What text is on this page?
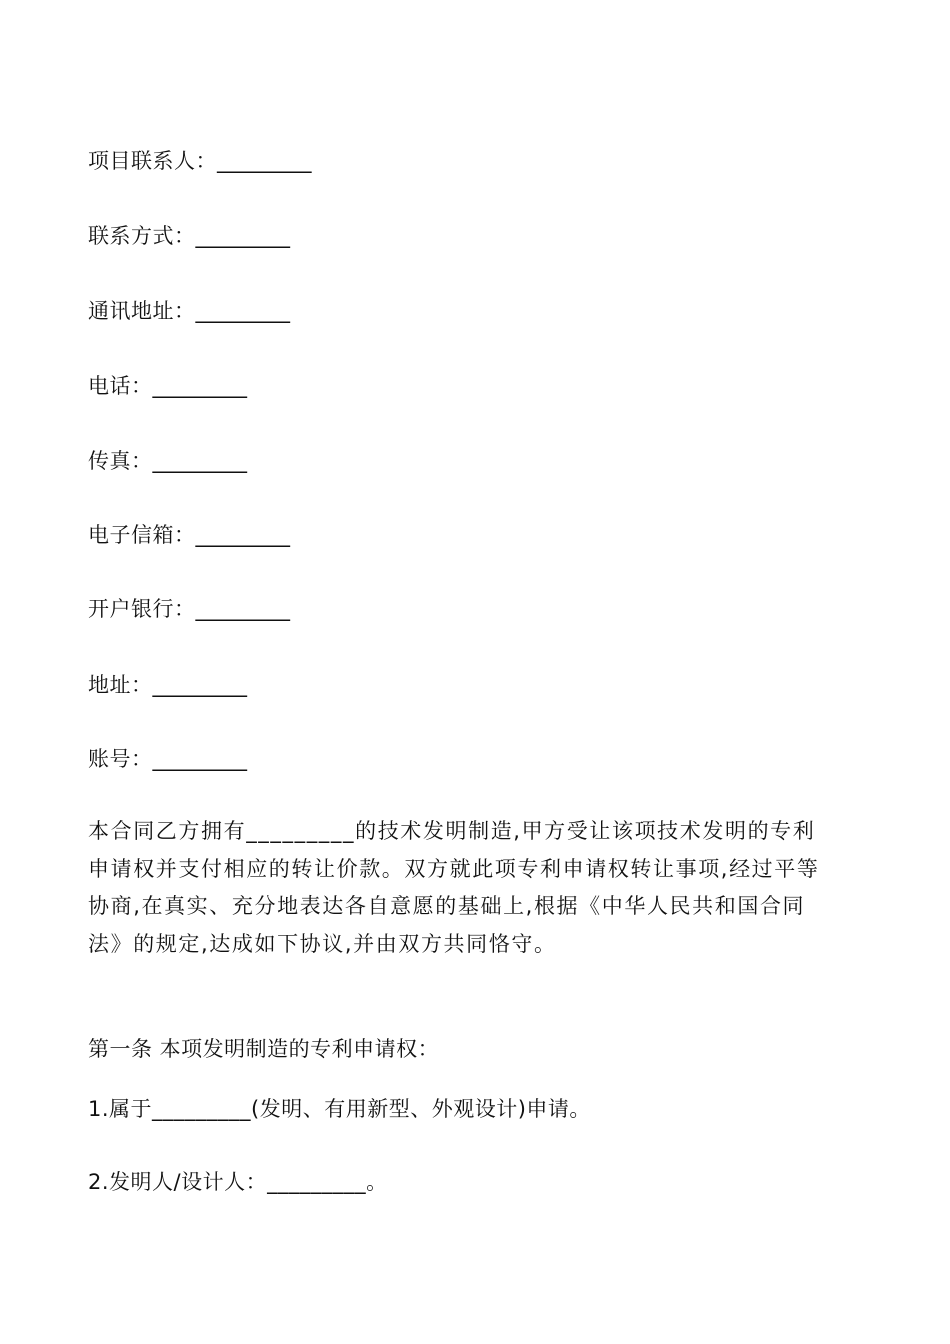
项目联系人：_________
联系方式：_________
通讯地址：_________
电话：_________
传真：_________
电子信箱：_________
开户银行：_________
地址：_________
账号：_________
本合同乙方拥有_________的技术发明制造,甲方受让该项技术发明的专利
申请权并支付相应的转让价款。双方就此项专利申请权转让事项,经过平等
协商,在真实、充分地表达各自意愿的基础上,根据《中华人民共和国合同
法》的规定,达成如下协议,并由双方共同恪守。
第一条 本项发明制造的专利申请权：
1.属于_________(发明、有用新型、外观设计)申请。
2.发明人/设计人：_________。
